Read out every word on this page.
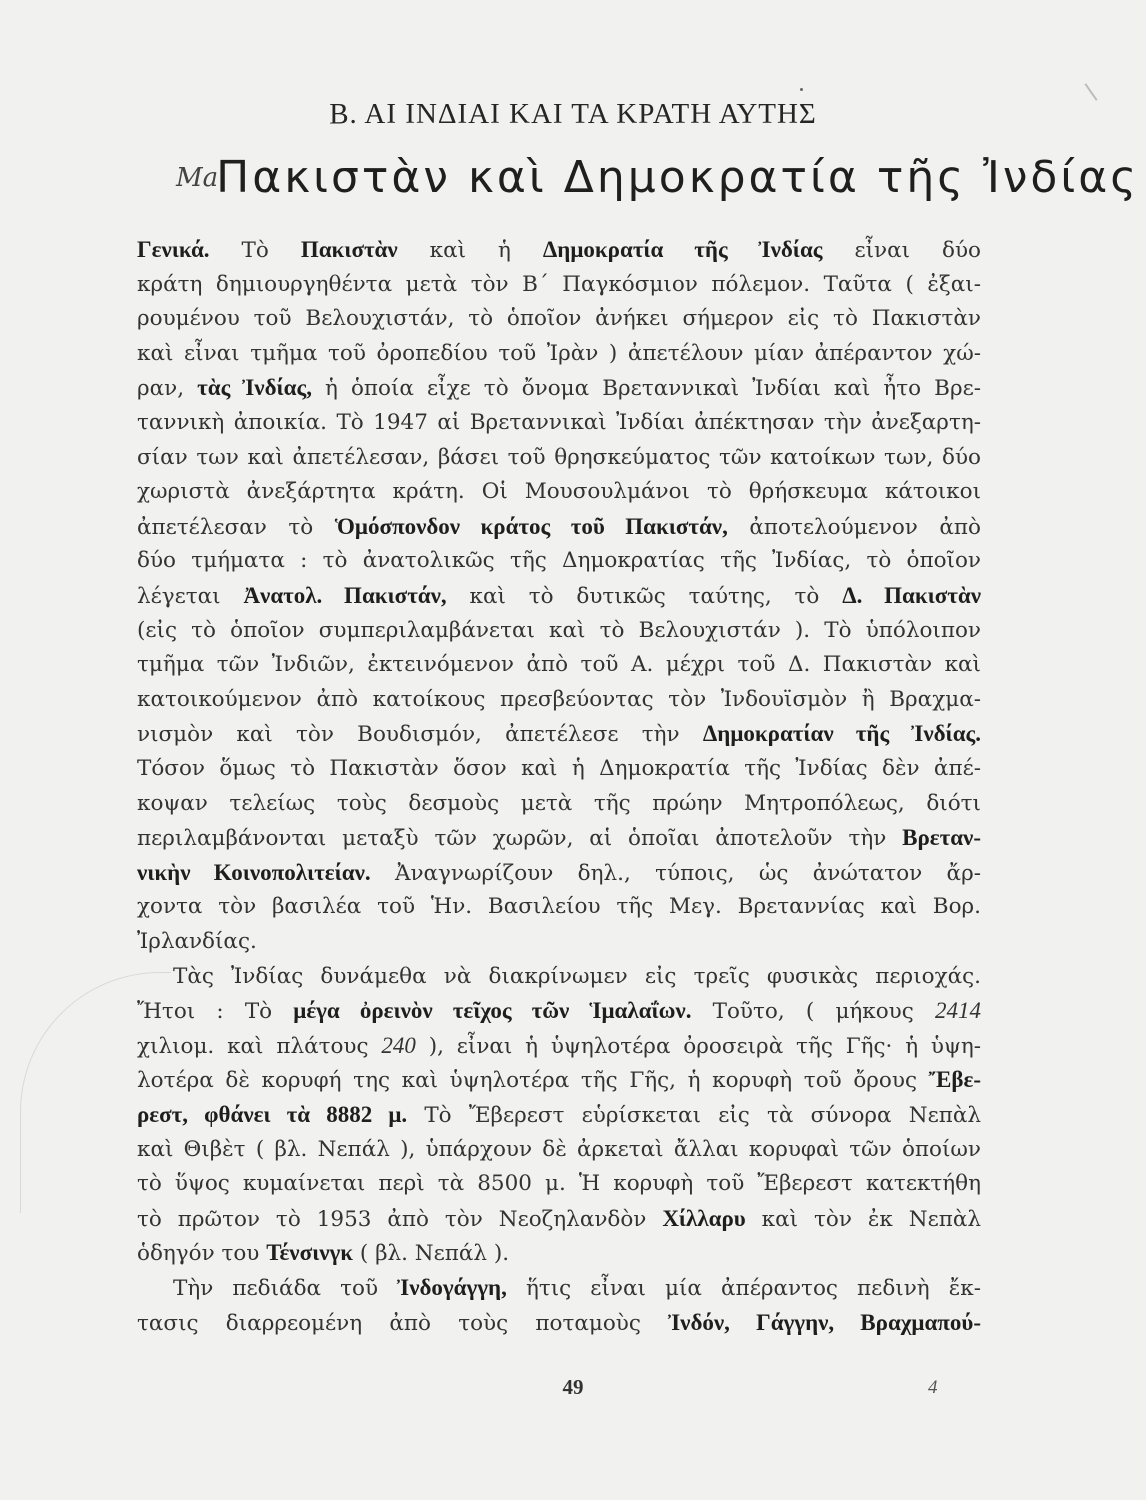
Β. ΑΙ ΙΝΔΙΑΙ ΚΑΙ ΤΑ ΚΡΑΤΗ ΑΥΤΗΣ
MaΠακιστὰν καὶ Δημοκρατία τῆς Ἰνδίας
Γενικά. Τὸ Πακιστὰν καὶ ἡ Δημοκρατία τῆς Ἰνδίας εἶναι δύο
κράτη δημιουργηθέντα μετὰ τὸν Β´ Παγκόσμιον πόλεμον. Ταῦτα ( ἐξαι-
ρουμένου τοῦ Βελουχιστάν, τὸ ὁποῖον ἀνήκει σήμερον εἰς τὸ Πακιστὰν
καὶ εἶναι τμῆμα τοῦ ὀροπεδίου τοῦ Ἰρὰν ) ἀπετέλουν μίαν ἀπέραντον χώ-
ραν, τὰς Ἰνδίας, ἡ ὁποία εἶχε τὸ ὄνομα Βρεταννικαὶ Ἰνδίαι καὶ ἦτο Βρε-
ταννικὴ ἀποικία. Τὸ 1947 αἱ Βρεταννικαὶ Ἰνδίαι ἀπέκτησαν τὴν ἀνεξαρτη-
σίαν των καὶ ἀπετέλεσαν, βάσει τοῦ θρησκεύματος τῶν κατοίκων των, δύο
χωριστὰ ἀνεξάρτητα κράτη. Οἱ Μουσουλμάνοι τὸ θρήσκευμα κάτοικοι
ἀπετέλεσαν τὸ Ὁμόσπονδον κράτος τοῦ Πακιστάν, ἀποτελούμενον ἀπὸ
δύο τμήματα : τὸ ἀνατολικῶς τῆς Δημοκρατίας τῆς Ἰνδίας, τὸ ὁποῖον
λέγεται Ἀνατολ. Πακιστάν, καὶ τὸ δυτικῶς ταύτης, τὸ Δ. Πακιστὰν
(εἰς τὸ ὁποῖον συμπεριλαμβάνεται καὶ τὸ Βελουχιστάν ). Τὸ ὑπόλοιπον
τμῆμα τῶν Ἰνδιῶν, ἐκτεινόμενον ἀπὸ τοῦ Α. μέχρι τοῦ Δ. Πακιστὰν καὶ
κατοικούμενον ἀπὸ κατοίκους πρεσβεύοντας τὸν Ἰνδουϊσμὸν ἢ Βραχμα-
νισμὸν καὶ τὸν Βουδισμόν, ἀπετέλεσε τὴν Δημοκρατίαν τῆς Ἰνδίας.
Τόσον ὅμως τὸ Πακιστὰν ὅσον καὶ ἡ Δημοκρατία τῆς Ἰνδίας δὲν ἀπέ-
κοψαν τελείως τοὺς δεσμοὺς μετὰ τῆς πρώην Μητροπόλεως, διότι
περιλαμβάνονται μεταξὺ τῶν χωρῶν, αἱ ὁποῖαι ἀποτελοῦν τὴν Βρεταν-
νικὴν Κοινοπολιτείαν. Ἀναγνωρίζουν δηλ., τύποις, ὡς ἀνώτατον ἄρ-
χοντα τὸν βασιλέα τοῦ Ἡν. Βασιλείου τῆς Μεγ. Βρεταννίας καὶ Βορ.
Ἰρλανδίας.
Τὰς Ἰνδίας δυνάμεθα νὰ διακρίνωμεν εἰς τρεῖς φυσικὰς περιοχάς.
Ἤτοι : Τὸ μέγα ὀρεινὸν τεῖχος τῶν Ἱμαλαΐων. Τοῦτο, ( μήκους 2414
χιλιομ. καὶ πλάτους 240 ), εἶναι ἡ ὑψηλοτέρα ὀροσειρὰ τῆς Γῆς· ἡ ὑψη-
λοτέρα δὲ κορυφή της καὶ ὑψηλοτέρα τῆς Γῆς, ἡ κορυφὴ τοῦ ὄρους Ἔβε-
ρεστ, φθάνει τὰ 8882 μ. Τὸ Ἔβερεστ εὑρίσκεται εἰς τὰ σύνορα Νεπὰλ
καὶ Θιβὲτ ( βλ. Νεπάλ ), ὑπάρχουν δὲ ἀρκεταὶ ἄλλαι κορυφαὶ τῶν ὁποίων
τὸ ὕψος κυμαίνεται περὶ τὰ 8500 μ. Ἡ κορυφὴ τοῦ Ἔβερεστ κατεκτήθη
τὸ πρῶτον τὸ 1953 ἀπὸ τὸν Νεοζηλανδὸν Χίλλαρυ καὶ τὸν ἐκ Νεπὰλ
ὁδηγόν του Τένσινγκ ( βλ. Νεπάλ ).
Τὴν πεδιάδα τοῦ Ἰνδογάγγη, ἥτις εἶναι μία ἀπέραντος πεδινὴ ἔκ-
τασις διαρρεομένη ἀπὸ τοὺς ποταμοὺς Ἰνδόν, Γάγγην, Βραχμαπού-
49	4
